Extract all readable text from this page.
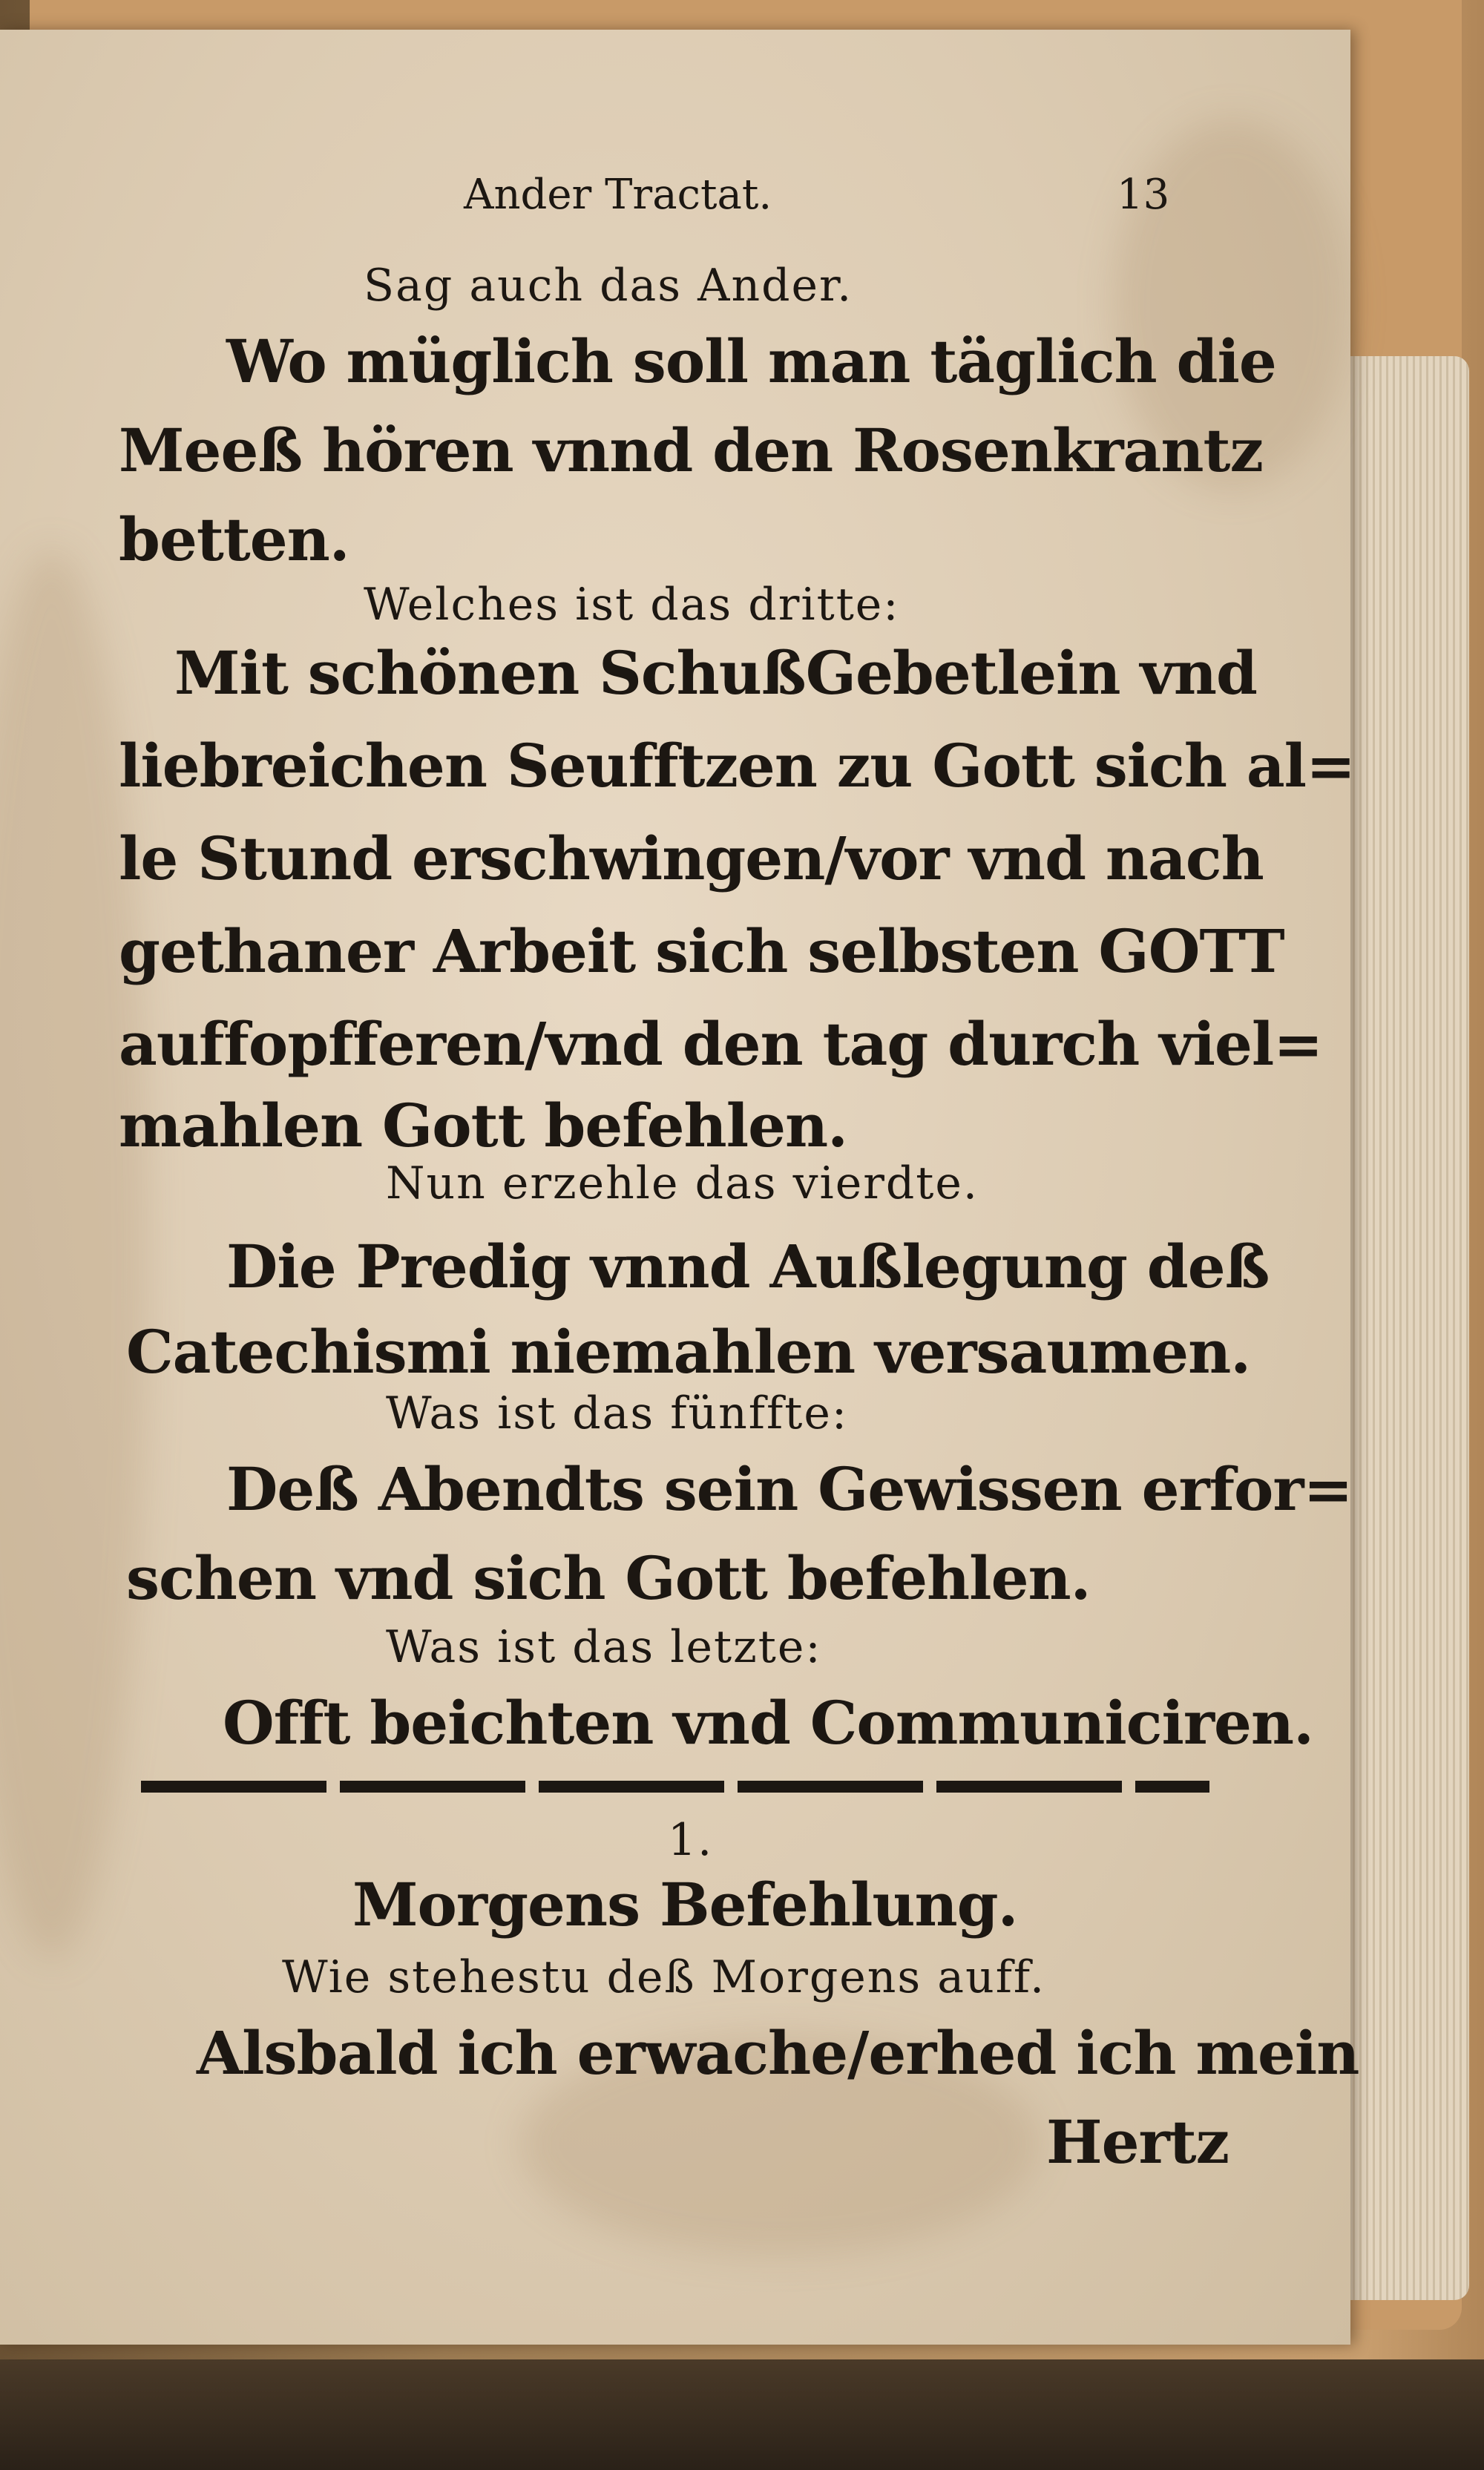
Ander Tractat.	13
Sag auch das Ander.
Wo müglich soll man täglich die
Meeß hören vnnd den Rosenkrantz
betten.
Welches ist das dritte:
Mit schönen SchußGebetlein vnd
liebreichen Seufftzen zu Gott sich al=
le Stund erschwingen/vor vnd nach
gethaner Arbeit sich selbsten GOTT
auffopfferen/vnd den tag durch viel=
mahlen Gott befehlen.
Nun erzehle das vierdte.
Die Predig vnnd Außlegung deß
Catechismi niemahlen versaumen.
Was ist das fünffte:
Deß Abendts sein Gewissen erfor=
schen vnd sich Gott befehlen.
Was ist das letzte:
Offt beichten vnd Communiciren.
1.
Morgens Befehlung.
Wie stehestu deß Morgens auff.
Alsbald ich erwache/erhed ich mein
Hertz
